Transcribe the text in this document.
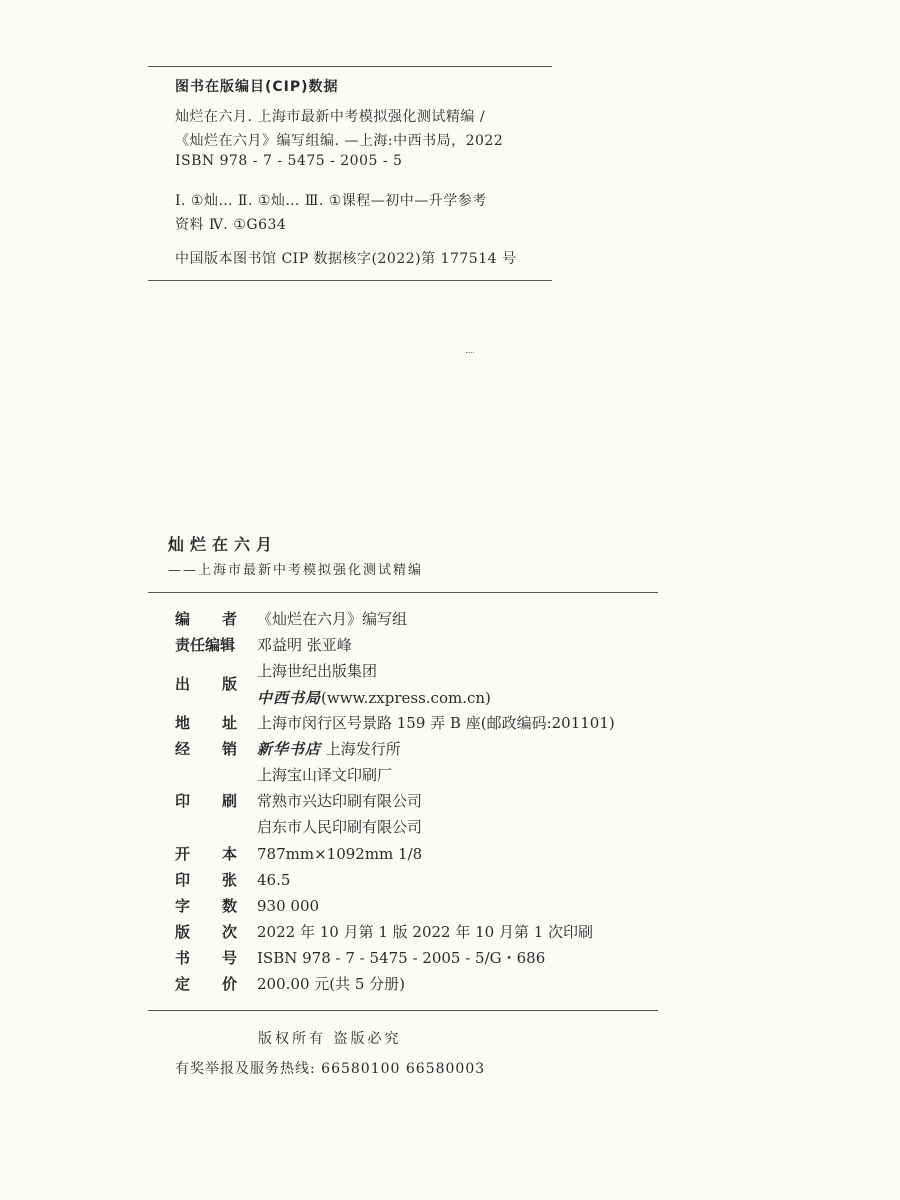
图书在版编目(CIP)数据
灿烂在六月. 上海市最新中考模拟强化测试精编 /
《灿烂在六月》编写组编. —上海:中西书局，2022
ISBN 978 - 7 - 5475 - 2005 - 5
Ⅰ. ①灿… Ⅱ. ①灿… Ⅲ. ①课程—初中—升学参考
资料 Ⅳ. ①G634
中国版本图书馆 CIP 数据核字(2022)第 177514 号
灿烂在六月
——上海市最新中考模拟强化测试精编
编 者 《灿烂在六月》编写组
责任编辑 邓益明 张亚峰
出 版
上海世纪出版集团
中西书局(www.zxpress.com.cn)
地 址 上海市闵行区号景路 159 弄 B 座(邮政编码:201101)
经 销 新华书店 上海发行所
上海宝山译文印刷厂
印 刷 常熟市兴达印刷有限公司
启东市人民印刷有限公司
开 本 787mm×1092mm 1/8
印 张 46.5
字 数 930 000
版 次 2022 年 10 月第 1 版 2022 年 10 月第 1 次印刷
书 号 ISBN 978 - 7 - 5475 - 2005 - 5/G・686
定 价 200.00 元(共 5 分册)
版权所有 盗版必究
有奖举报及服务热线: 66580100 66580003
